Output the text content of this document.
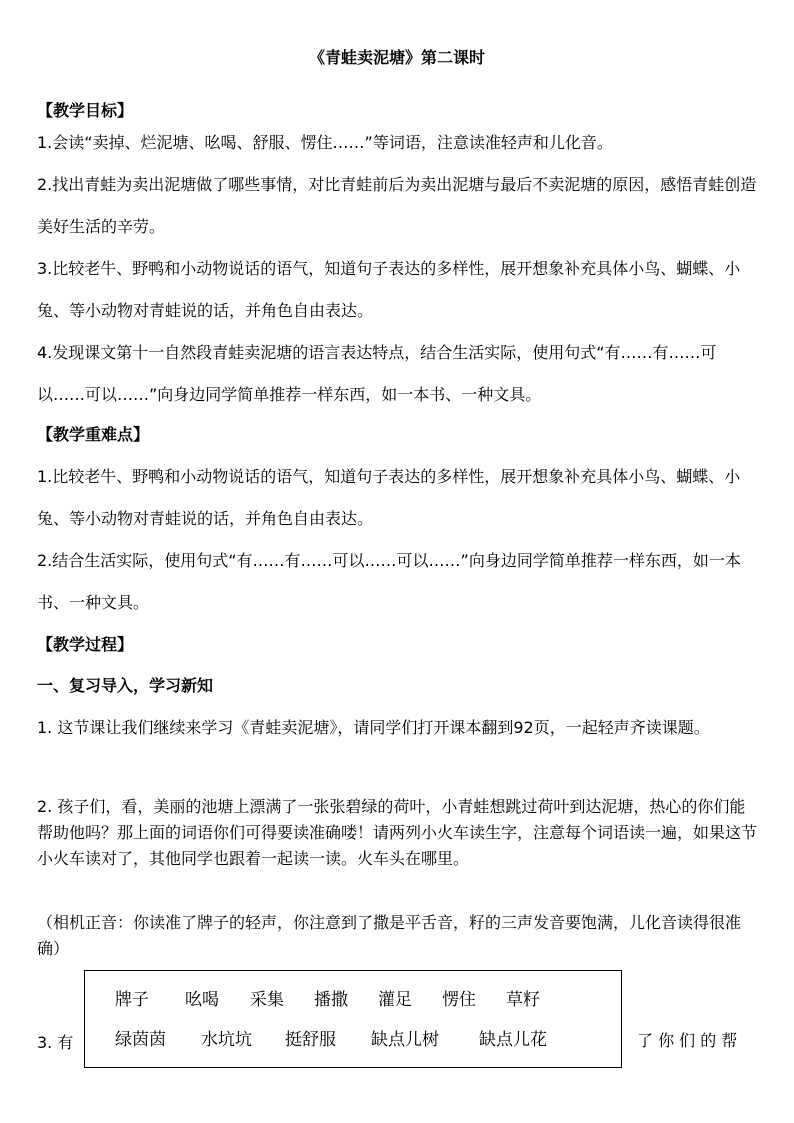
《青蛙卖泥塘》第二课时

【教学目标】

1.会读“卖掉、烂泥塘、吆喝、舒服、愣住……”等词语，注意读准轻声和儿化音。

2.找出青蛙为卖出泥塘做了哪些事情，对比青蛙前后为卖出泥塘与最后不卖泥塘的原因，感悟青蛙创造美好生活的辛劳。

3.比较老牛、野鸭和小动物说话的语气，知道句子表达的多样性，展开想象补充具体小鸟、蝴蝶、小兔、等小动物对青蛙说的话，并角色自由表达。

4.发现课文第十一自然段青蛙卖泥塘的语言表达特点，结合生活实际，使用句式“有……有……可以……可以……”向身边同学简单推荐一样东西，如一本书、一种文具。

【教学重难点】

1.比较老牛、野鸭和小动物说话的语气，知道句子表达的多样性，展开想象补充具体小鸟、蝴蝶、小兔、等小动物对青蛙说的话，并角色自由表达。

2.结合生活实际，使用句式“有……有……可以……可以……”向身边同学简单推荐一样东西，如一本书、一种文具。

【教学过程】

一、复习导入，学习新知

1. 这节课让我们继续来学习《青蛙卖泥塘》，请同学们打开课本翻到92页，一起轻声齐读课题。

2. 孩子们，看，美丽的池塘上漂满了一张张碧绿的荷叶，小青蛙想跳过荷叶到达泥塘，热心的你们能帮助他吗？那上面的词语你们可得要读准确喽！请两列小火车读生字，注意每个词语读一遍，如果这节小火车读对了，其他同学也跟着一起读一读。火车头在哪里。

（相机正音：你读准了牌子的轻声，你注意到了撒是平舌音，籽的三声发音要饱满，儿化音读得很准确）

牌子 吆喝 采集 播撒 灌足 愣住 草籽
绿茵茵 水坑坑 挺舒服 缺点儿树 缺点儿花
3. 有	了 你 们 的 帮
